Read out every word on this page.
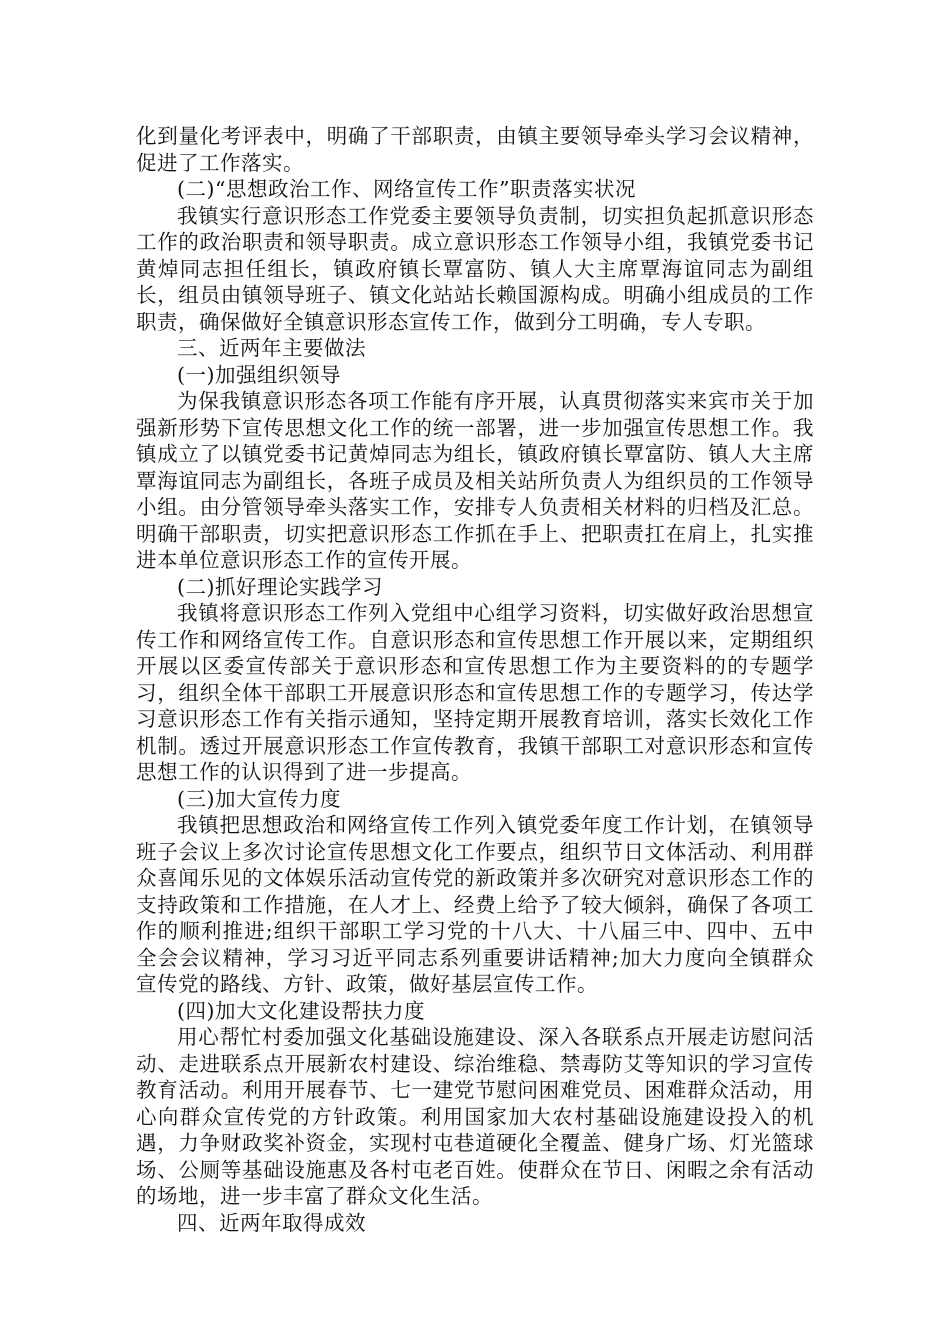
化到量化考评表中，明确了干部职责，由镇主要领导牵头学习会议精神，促进了工作落实。

(二)“思想政治工作、网络宣传工作”职责落实状况

我镇实行意识形态工作党委主要领导负责制，切实担负起抓意识形态工作的政治职责和领导职责。成立意识形态工作领导小组，我镇党委书记黄焯同志担任组长，镇政府镇长覃富防、镇人大主席覃海谊同志为副组长，组员由镇领导班子、镇文化站站长赖国源构成。明确小组成员的工作职责，确保做好全镇意识形态宣传工作，做到分工明确，专人专职。

三、近两年主要做法

(一)加强组织领导

为保我镇意识形态各项工作能有序开展，认真贯彻落实来宾市关于加强新形势下宣传思想文化工作的统一部署，进一步加强宣传思想工作。我镇成立了以镇党委书记黄焯同志为组长，镇政府镇长覃富防、镇人大主席覃海谊同志为副组长，各班子成员及相关站所负责人为组织员的工作领导小组。由分管领导牵头落实工作，安排专人负责相关材料的归档及汇总。明确干部职责，切实把意识形态工作抓在手上、把职责扛在肩上，扎实推进本单位意识形态工作的宣传开展。

(二)抓好理论实践学习

我镇将意识形态工作列入党组中心组学习资料，切实做好政治思想宣传工作和网络宣传工作。自意识形态和宣传思想工作开展以来，定期组织开展以区委宣传部关于意识形态和宣传思想工作为主要资料的的专题学习，组织全体干部职工开展意识形态和宣传思想工作的专题学习，传达学习意识形态工作有关指示通知，坚持定期开展教育培训，落实长效化工作机制。透过开展意识形态工作宣传教育，我镇干部职工对意识形态和宣传思想工作的认识得到了进一步提高。

(三)加大宣传力度

我镇把思想政治和网络宣传工作列入镇党委年度工作计划，在镇领导班子会议上多次讨论宣传思想文化工作要点，组织节日文体活动、利用群众喜闻乐见的文体娱乐活动宣传党的新政策并多次研究对意识形态工作的支持政策和工作措施，在人才上、经费上给予了较大倾斜，确保了各项工作的顺利推进;组织干部职工学习党的十八大、十八届三中、四中、五中全会会议精神，学习习近平同志系列重要讲话精神;加大力度向全镇群众宣传党的路线、方针、政策，做好基层宣传工作。

(四)加大文化建设帮扶力度

用心帮忙村委加强文化基础设施建设、深入各联系点开展走访慰问活动、走进联系点开展新农村建设、综治维稳、禁毒防艾等知识的学习宣传教育活动。利用开展春节、七一建党节慰问困难党员、困难群众活动，用心向群众宣传党的方针政策。利用国家加大农村基础设施建设投入的机遇，力争财政奖补资金，实现村屯巷道硬化全覆盖、健身广场、灯光篮球场、公厕等基础设施惠及各村屯老百姓。使群众在节日、闲暇之余有活动的场地，进一步丰富了群众文化生活。

四、近两年取得成效
